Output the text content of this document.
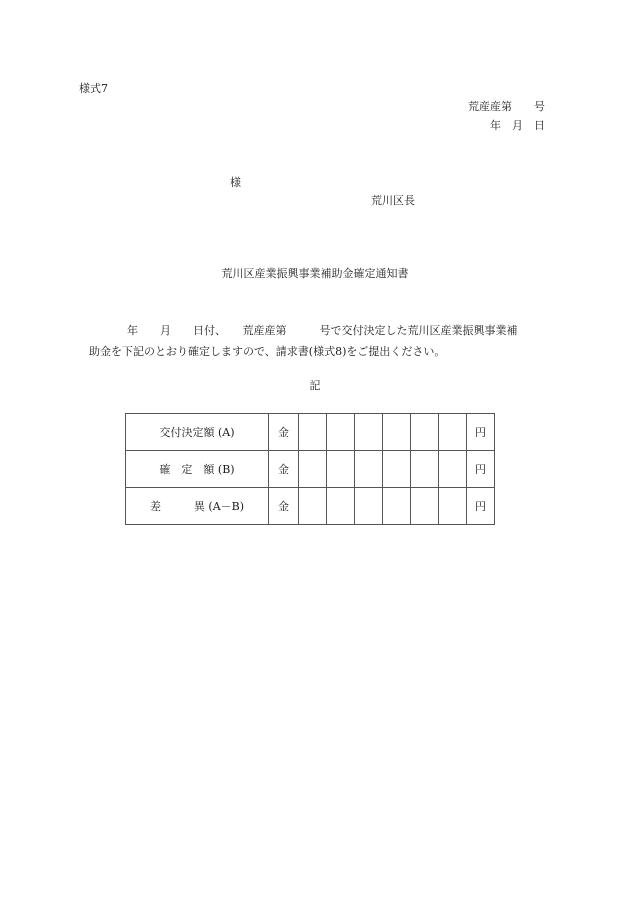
様式7
荒産産第　　号
年　月　日
様
荒川区長
荒川区産業振興事業補助金確定通知書
年　　月　　日付、　　荒産産第　　　号で交付決定した荒川区産業振興事業補
助金を下記のとおり確定しますので、請求書(様式8)をご提出ください。
記
交付決定額 (A)	金							円
確　定　額 (B)	金							円
差　　　異 (A－B)	金							円
